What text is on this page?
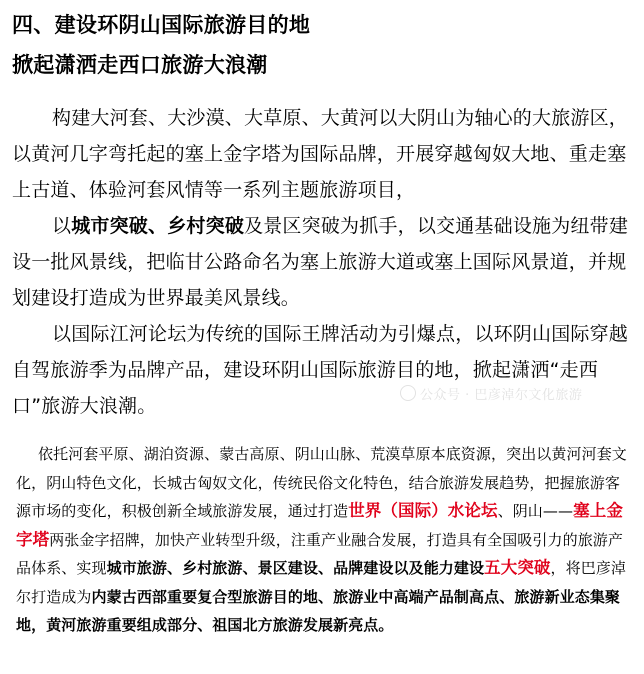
四、建设环阴山国际旅游目的地
掀起潇洒走西口旅游大浪潮

构建大河套、大沙漠、大草原、大黄河以大阴山为轴心的大旅游区，以黄河几字弯托起的塞上金字塔为国际品牌，开展穿越匈奴大地、重走塞上古道、体验河套风情等一系列主题旅游项目，

以城市突破、乡村突破及景区突破为抓手，以交通基础设施为纽带建设一批风景线，把临甘公路命名为塞上旅游大道或塞上国际风景道，并规划建设打造成为世界最美风景线。

以国际江河论坛为传统的国际王牌活动为引爆点，以环阴山国际穿越自驾旅游季为品牌产品，建设环阴山国际旅游目的地，掀起潇洒“走西口”旅游大浪潮。	公众号 · 巴彦淖尔文化旅游

依托河套平原、湖泊资源、蒙古高原、阴山山脉、荒漠草原本底资源，突出以黄河河套文化，阴山特色文化，长城古匈奴文化，传统民俗文化特色，结合旅游发展趋势，把握旅游客源市场的变化，积极创新全域旅游发展，通过打造世界（国际）水论坛、阴山——塞上金字塔两张金字招牌，加快产业转型升级，注重产业融合发展，打造具有全国吸引力的旅游产品体系、实现城市旅游、乡村旅游、景区建设、品牌建设以及能力建设五大突破，将巴彦淖尔打造成为内蒙古西部重要复合型旅游目的地、旅游业中高端产品制高点、旅游新业态集聚地，黄河旅游重要组成部分、祖国北方旅游发展新亮点。
